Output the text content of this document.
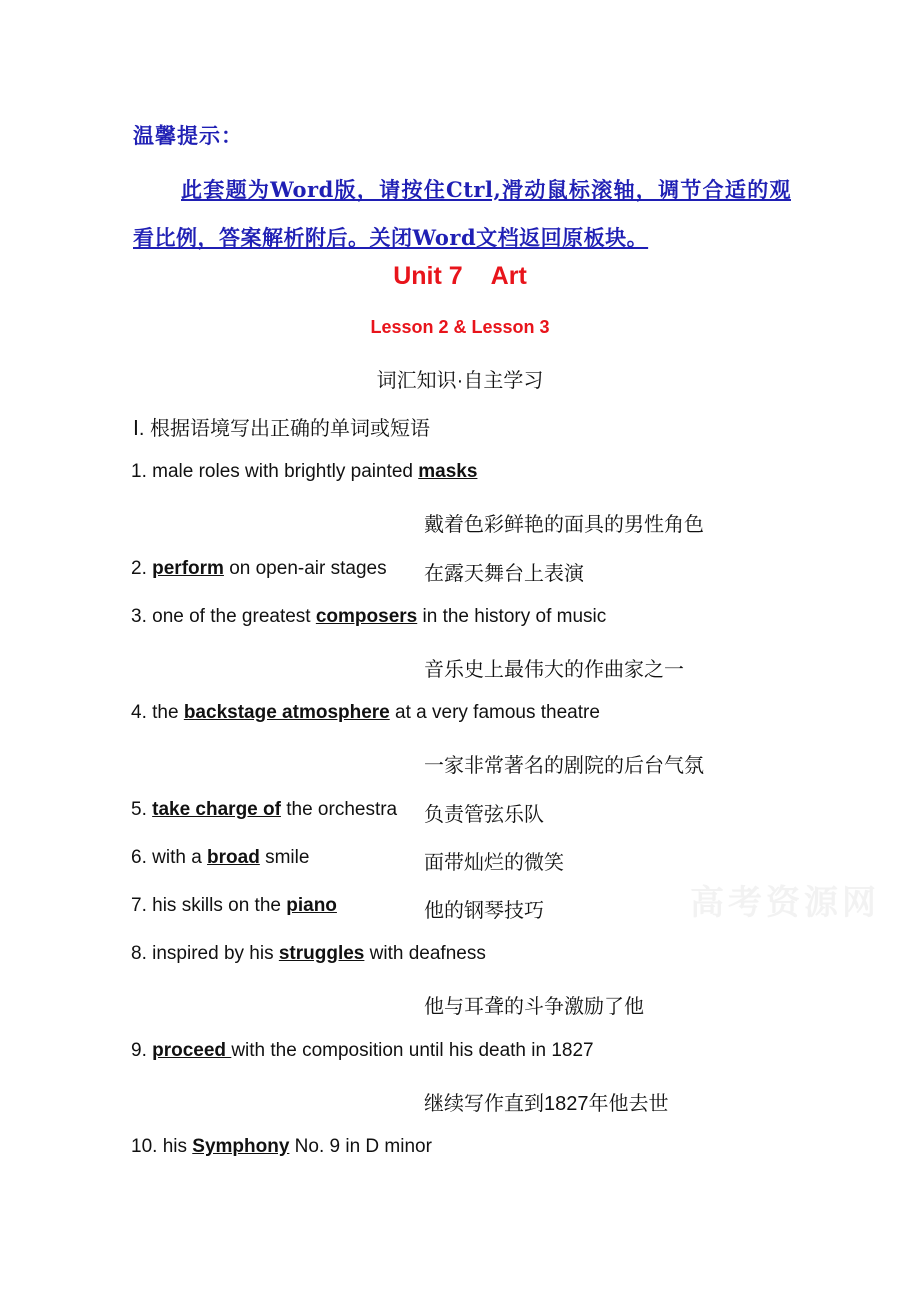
温馨提示：
此套题为Word版，请按住Ctrl,滑动鼠标滚轴，调节合适的观看比例，答案解析附后。关闭Word文档返回原板块。
Unit 7 Art
Lesson 2 & Lesson 3
词汇知识·自主学习
Ⅰ. 根据语境写出正确的单词或短语
1. male roles with brightly painted masks
戴着色彩鲜艳的面具的男性角色
2. perform on open-air stages 在露天舞台上表演
3. one of the greatest composers in the history of music
音乐史上最伟大的作曲家之一
4. the backstage atmosphere at a very famous theatre
一家非常著名的剧院的后台气氛
5. take charge of the orchestra 负责管弦乐队
6. with a broad smile	面带灿烂的微笑
7. his skills on the piano	他的钢琴技巧
8. inspired by his struggles with deafness
他与耳聋的斗争激励了他
9. proceed with the composition until his death in 1827
继续写作直到1827年他去世
10. his Symphony No. 9 in D minor
高考资源网
